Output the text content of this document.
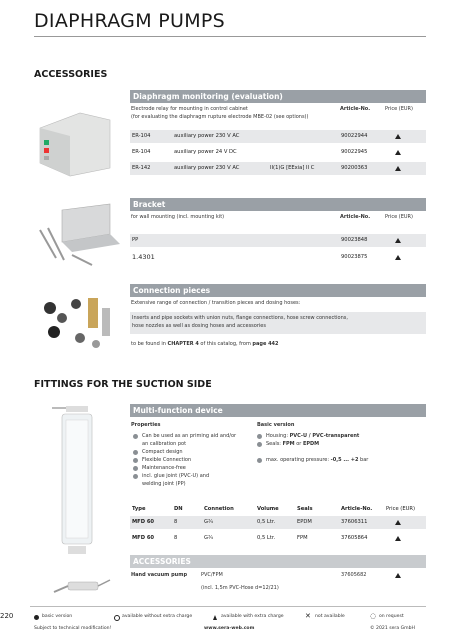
DIAPHRAGM PUMPS
ACCESSORIES
Diaphragm monitoring (evaluation)
Electrode relay for mounting in control cabinet
(for evaluating the diaphragm rupture electrode MBE-02 (see options))
Article-No.	Price (EUR)
ER-104	auxiliary power 230 V AC	90022944
ER-104	auxiliary power 24 V DC	90022945
ER-142	auxiliary power 230 V AC	II(1)G [EExia] II C	90200363
Bracket
for wall mounting (incl. mounting kit)	Article-No.	Price (EUR)
PP	90023848
1.4301	90023875
Connection pieces
Extensive range of connection / transition pieces and dosing hoses:
Inserts and pipe sockets with union nuts, flange connections, hose screw connections,
hose nozzles as well as dosing hoses and accessories
to be found in CHAPTER 4 of this catalog, from page 442
FITTINGS FOR THE SUCTION SIDE
Multi-function device
Properties	Basic version
Can be used as an priming aid and/or
an calibration pot
Compact design
Flexible Connection
Maintenance-free
incl. glue joint (PVC-U) and
welding joint (PP)
Housing: PVC-U / PVC-transparent
Seals: FPM or EPDM
max. operating pressure: -0,5 ... +2 bar
Type	DN	Connetion	Volume	Seals	Article-No.	Price (EUR)
MFD 60	8	G¾	0,5 Ltr.	EPDM	37606311
MFD 60	8	G¾	0,5 Ltr.	FPM	37605864
ACCESSORIES
Hand vacuum pump	PVC/FPM
(incl. 1,5m PVC-Hose d=12/21)
37605682
220	basic version	available without extra charge	available with extra charge	✕ not available	◌ on request
Subject to technical modification!	www.sera-web.com	© 2021 sera GmbH
